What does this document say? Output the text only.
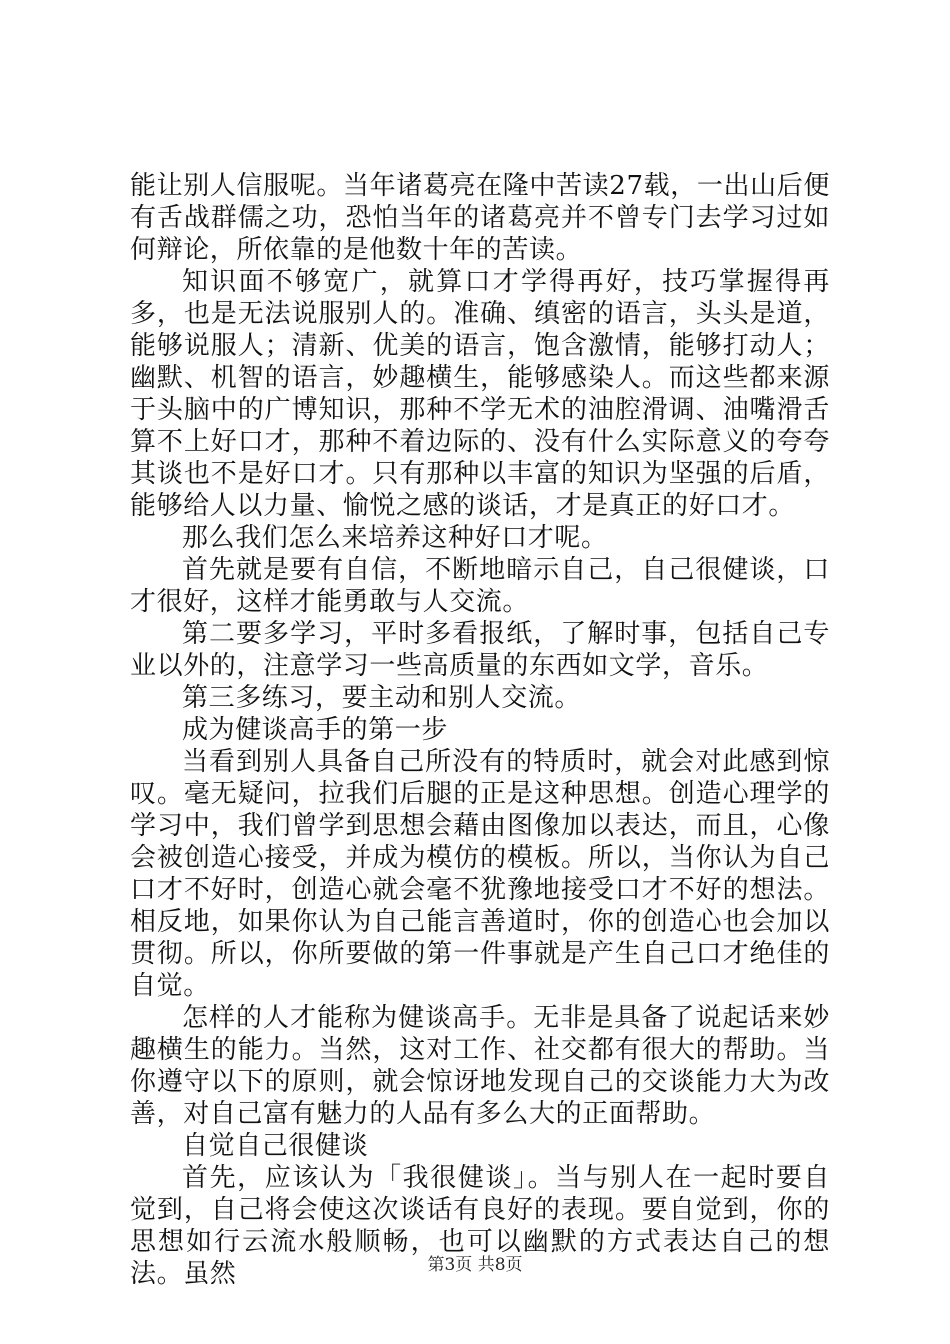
能让别人信服呢。当年诸葛亮在隆中苦读27载，一出山后便有舌战群儒之功，恐怕当年的诸葛亮并不曾专门去学习过如何辩论，所依靠的是他数十年的苦读。

知识面不够宽广，就算口才学得再好，技巧掌握得再多，也是无法说服别人的。准确、缜密的语言，头头是道，能够说服人；清新、优美的语言，饱含激情，能够打动人；幽默、机智的语言，妙趣横生，能够感染人。而这些都来源于头脑中的广博知识，那种不学无术的油腔滑调、油嘴滑舌算不上好口才，那种不着边际的、没有什么实际意义的夸夸其谈也不是好口才。只有那种以丰富的知识为坚强的后盾，能够给人以力量、愉悦之感的谈话，才是真正的好口才。

那么我们怎么来培养这种好口才呢。

首先就是要有自信，不断地暗示自己，自己很健谈，口才很好，这样才能勇敢与人交流。

第二要多学习，平时多看报纸，了解时事，包括自己专业以外的，注意学习一些高质量的东西如文学，音乐。

第三多练习，要主动和别人交流。

成为健谈高手的第一步

当看到别人具备自己所没有的特质时，就会对此感到惊叹。毫无疑问，拉我们后腿的正是这种思想。创造心理学的学习中，我们曾学到思想会藉由图像加以表达，而且，心像会被创造心接受，并成为模仿的模板。所以，当你认为自己口才不好时，创造心就会毫不犹豫地接受口才不好的想法。相反地，如果你认为自己能言善道时，你的创造心也会加以贯彻。所以，你所要做的第一件事就是产生自己口才绝佳的自觉。

怎样的人才能称为健谈高手。无非是具备了说起话来妙趣横生的能力。当然，这对工作、社交都有很大的帮助。当你遵守以下的原则，就会惊讶地发现自己的交谈能力大为改善，对自己富有魅力的人品有多么大的正面帮助。

自觉自己很健谈

首先，应该认为「我很健谈」。当与别人在一起时要自觉到，自己将会使这次谈话有良好的表现。要自觉到，你的思想如行云流水般顺畅，也可以幽默的方式表达自己的想法。虽然	第3页 共8页
